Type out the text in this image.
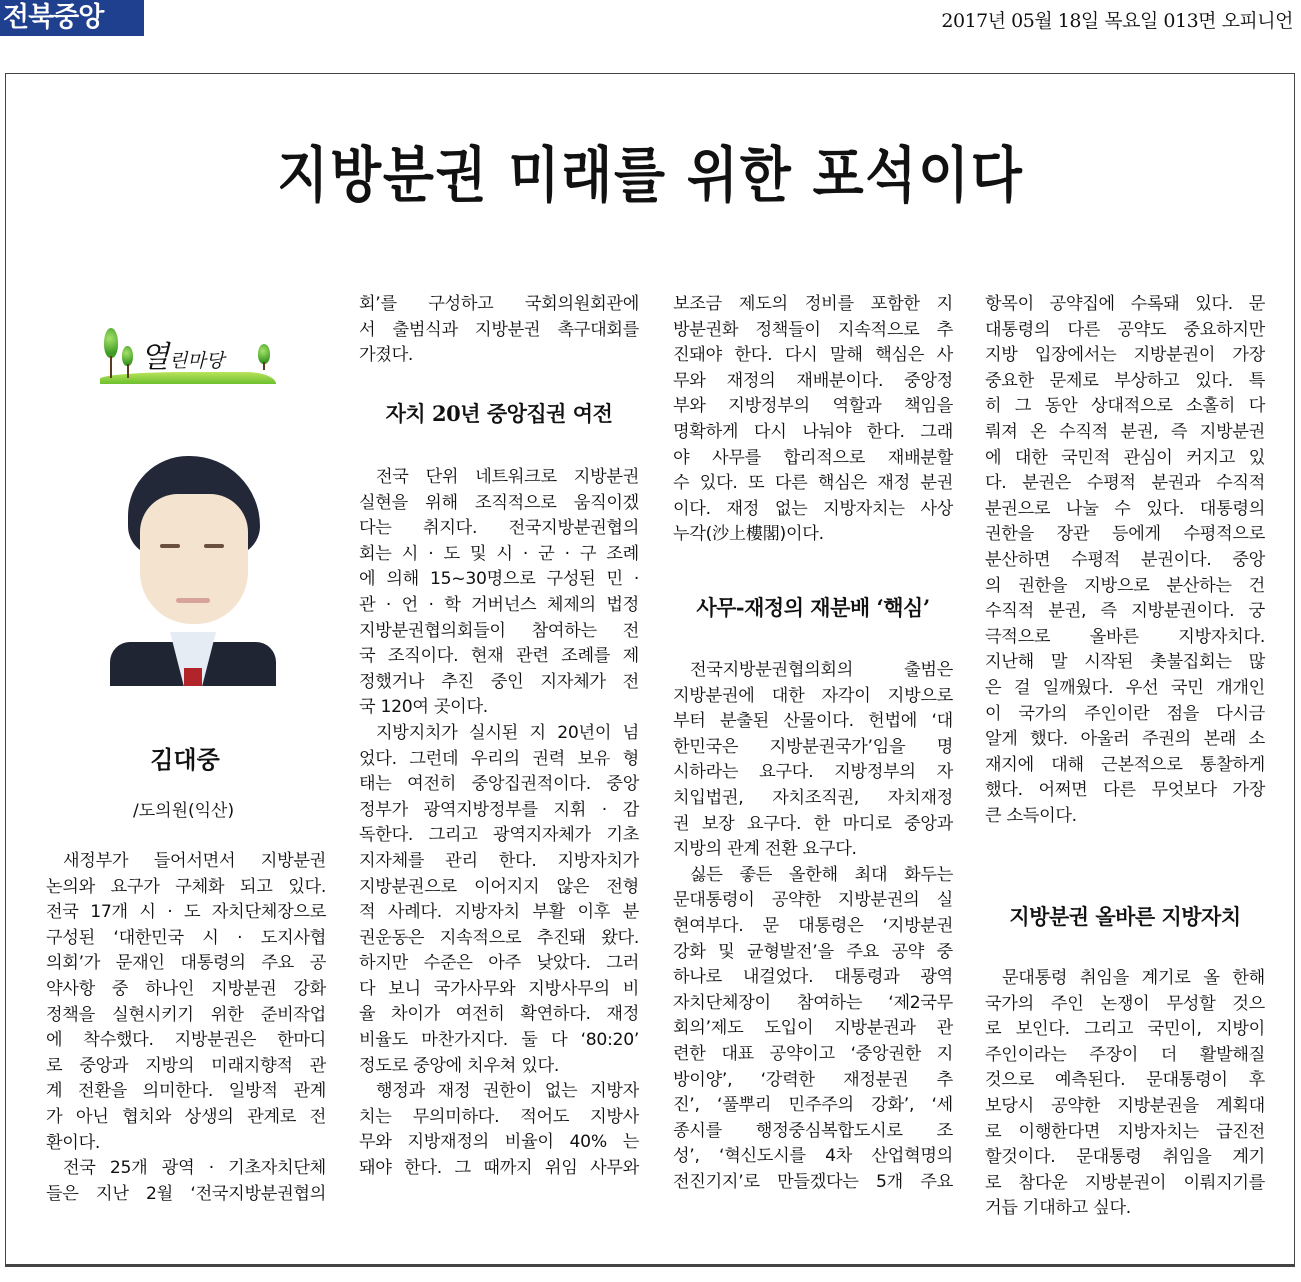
전북중앙	2017년 05월 18일 목요일 013면 오피니언
지방분권 미래를 위한 포석이다
열린마당
김대중
/도의원(익산)
새정부가 들어서면서 지방분권
논의와 요구가 구체화 되고 있다.
전국 17개 시 · 도 자치단체장으로
구성된 ‘대한민국 시 · 도지사협
의회’가 문재인 대통령의 주요 공
약사항 중 하나인 지방분권 강화
정책을 실현시키기 위한 준비작업
에 착수했다. 지방분권은 한마디
로 중앙과 지방의 미래지향적 관
계 전환을 의미한다. 일방적 관계
가 아닌 협치와 상생의 관계로 전
환이다.
전국 25개 광역 · 기초자치단체
들은 지난 2월 ‘전국지방분권협의
회’를 구성하고 국회의원회관에
서 출범식과 지방분권 촉구대회를
가졌다.
자치 20년 중앙집권 여전
전국 단위 네트워크로 지방분권
실현을 위해 조직적으로 움직이겠
다는 취지다. 전국지방분권협의
회는 시 · 도 및 시 · 군 · 구 조례
에 의해 15~30명으로 구성된 민 ·
관 · 언 · 학 거버넌스 체제의 법정
지방분권협의회들이 참여하는 전
국 조직이다. 현재 관련 조례를 제
정했거나 추진 중인 지자체가 전
국 120여 곳이다.
지방지치가 실시된 지 20년이 넘
었다. 그런데 우리의 권력 보유 형
태는 여전히 중앙집권적이다. 중앙
정부가 광역지방정부를 지휘 · 감
독한다. 그리고 광역지자체가 기초
지자체를 관리 한다. 지방자치가
지방분권으로 이어지지 않은 전형
적 사례다. 지방자치 부활 이후 분
권운동은 지속적으로 추진돼 왔다.
하지만 수준은 아주 낮았다. 그러
다 보니 국가사무와 지방사무의 비
율 차이가 여전히 확연하다. 재정
비율도 마찬가지다. 둘 다 ‘80:20’
정도로 중앙에 치우쳐 있다.
행정과 재정 권한이 없는 지방자
치는 무의미하다. 적어도 지방사
무와 지방재정의 비율이 40% 는
돼야 한다. 그 때까지 위임 사무와
보조금 제도의 정비를 포함한 지
방분권화 정책들이 지속적으로 추
진돼야 한다. 다시 말해 핵심은 사
무와 재정의 재배분이다. 중앙정
부와 지방정부의 역할과 책임을
명확하게 다시 나눠야 한다. 그래
야 사무를 합리적으로 재배분할
수 있다. 또 다른 핵심은 재정 분권
이다. 재정 없는 지방자치는 사상
누각(沙上樓閣)이다.
사무-재정의 재분배 ‘핵심’
전국지방분권협의회의 출범은
지방분권에 대한 자각이 지방으로
부터 분출된 산물이다. 헌법에 ‘대
한민국은 지방분권국가’임을 명
시하라는 요구다. 지방정부의 자
치입법권, 자치조직권, 자치재정
권 보장 요구다. 한 마디로 중앙과
지방의 관계 전환 요구다.
싫든 좋든 올한해 최대 화두는
문대통령이 공약한 지방분권의 실
현여부다. 문 대통령은 ‘지방분권
강화 및 균형발전’을 주요 공약 중
하나로 내걸었다. 대통령과 광역
자치단체장이 참여하는 ‘제2국무
회의’제도 도입이 지방분권과 관
련한 대표 공약이고 ‘중앙권한 지
방이양’, ‘강력한 재정분권 추
진’, ‘풀뿌리 민주주의 강화’, ‘세
종시를 행정중심복합도시로 조
성’, ‘혁신도시를 4차 산업혁명의
전진기지’로 만들겠다는 5개 주요
항목이 공약집에 수록돼 있다. 문
대통령의 다른 공약도 중요하지만
지방 입장에서는 지방분권이 가장
중요한 문제로 부상하고 있다. 특
히 그 동안 상대적으로 소홀히 다
뤄져 온 수직적 분권, 즉 지방분권
에 대한 국민적 관심이 커지고 있
다. 분권은 수평적 분권과 수직적
분권으로 나눌 수 있다. 대통령의
권한을 장관 등에게 수평적으로
분산하면 수평적 분권이다. 중앙
의 권한을 지방으로 분산하는 건
수직적 분권, 즉 지방분권이다. 궁
극적으로 올바른 지방자치다.
지난해 말 시작된 촛불집회는 많
은 걸 일깨웠다. 우선 국민 개개인
이 국가의 주인이란 점을 다시금
알게 했다. 아울러 주권의 본래 소
재지에 대해 근본적으로 통찰하게
했다. 어쩌면 다른 무엇보다 가장
큰 소득이다.
지방분권 올바른 지방자치
문대통령 취임을 계기로 올 한해
국가의 주인 논쟁이 무성할 것으
로 보인다. 그리고 국민이, 지방이
주인이라는 주장이 더 활발해질
것으로 예측된다. 문대통령이 후
보당시 공약한 지방분권을 계획대
로 이행한다면 지방자치는 급진전
할것이다. 문대통령 취임을 계기
로 참다운 지방분권이 이뤄지기를
거듭 기대하고 싶다.
